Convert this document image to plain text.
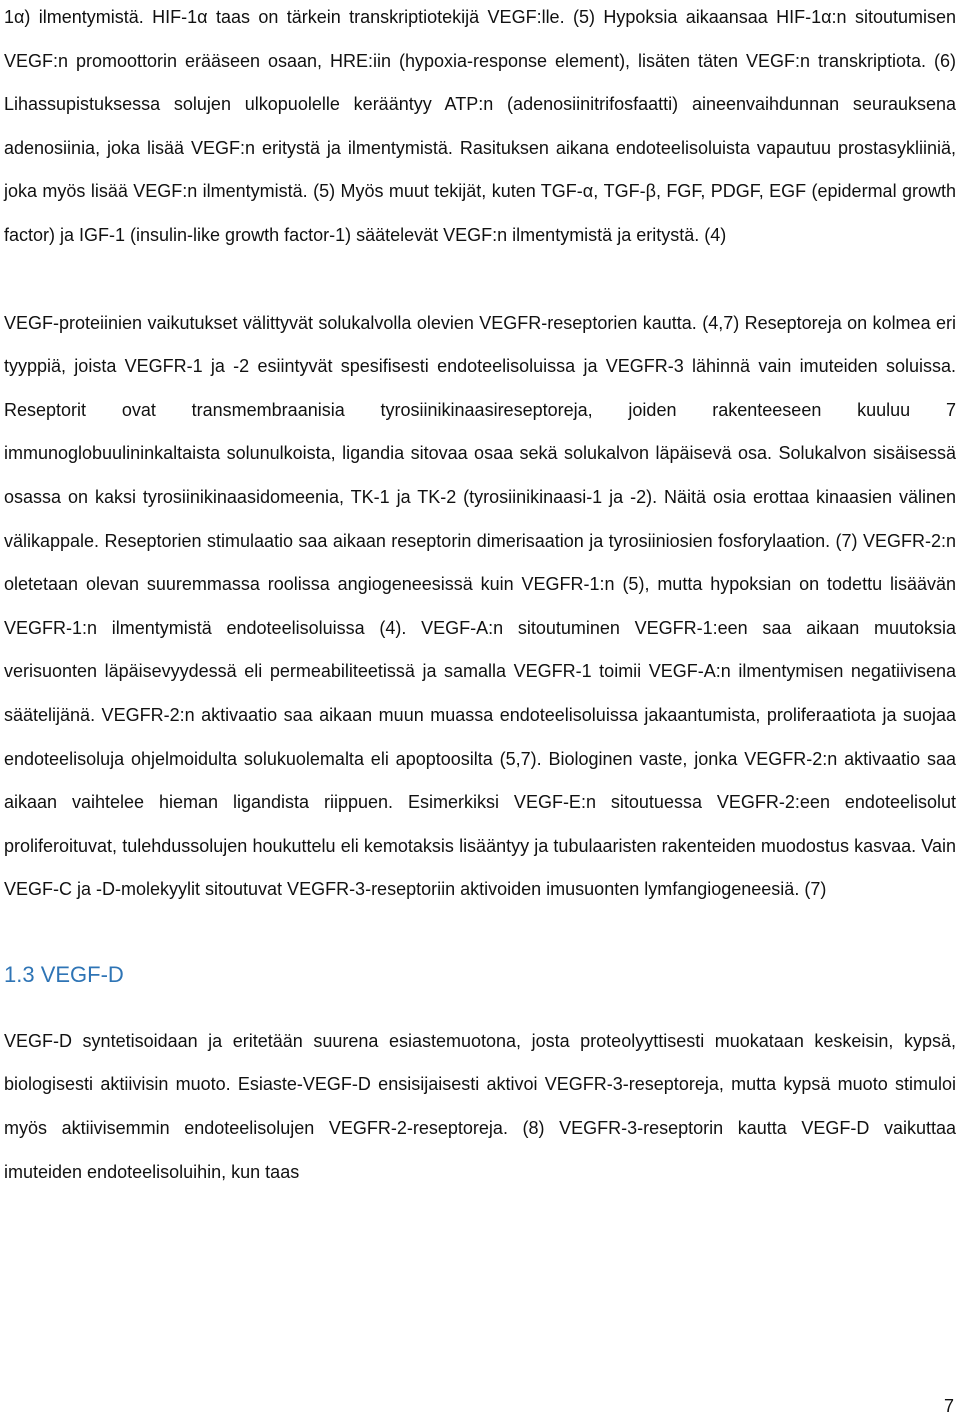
1α) ilmentymistä. HIF-1α taas on tärkein transkriptiotekijä VEGF:lle. (5) Hypoksia aikaansaa HIF-1α:n sitoutumisen VEGF:n promoottorin erääseen osaan, HRE:iin (hypoxia-response element), lisäten täten VEGF:n transkriptiota. (6) Lihassupistuksessa solujen ulkopuolelle kerääntyy ATP:n (adenosiinitrifosfaatti) aineenvaihdunnan seurauksena adenosiinia, joka lisää VEGF:n eritystä ja ilmentymistä. Rasituksen aikana endoteelisoluista vapautuu prostasykliiniä, joka myös lisää VEGF:n ilmentymistä. (5) Myös muut tekijät, kuten TGF-α, TGF-β, FGF, PDGF, EGF (epidermal growth factor) ja IGF-1 (insulin-like growth factor-1) säätelevät VEGF:n ilmentymistä ja eritystä. (4)

VEGF-proteiinien vaikutukset välittyvät solukalvolla olevien VEGFR-reseptorien kautta. (4,7) Reseptoreja on kolmea eri tyyppiä, joista VEGFR-1 ja -2 esiintyvät spesifisesti endoteelisoluissa ja VEGFR-3 lähinnä vain imuteiden soluissa. Reseptorit ovat transmembraanisia tyrosiinikinaasireseptoreja, joiden rakenteeseen kuuluu 7 immunoglobuulininkaltaista solunulkoista, ligandia sitovaa osaa sekä solukalvon läpäisevä osa. Solukalvon sisäisessä osassa on kaksi tyrosiinikinaasidomeenia, TK-1 ja TK-2 (tyrosiinikinaasi-1 ja -2). Näitä osia erottaa kinaasien välinen välikappale. Reseptorien stimulaatio saa aikaan reseptorin dimerisaation ja tyrosiiniosien fosforylaation. (7) VEGFR-2:n oletetaan olevan suuremmassa roolissa angiogeneesissä kuin VEGFR-1:n (5), mutta hypoksian on todettu lisäävän VEGFR-1:n ilmentymistä endoteelisoluissa (4). VEGF-A:n sitoutuminen VEGFR-1:een saa aikaan muutoksia verisuonten läpäisevyydessä eli permeabiliteetissä ja samalla VEGFR-1 toimii VEGF-A:n ilmentymisen negatiivisena säätelijänä. VEGFR-2:n aktivaatio saa aikaan muun muassa endoteelisoluissa jakaantumista, proliferaatiota ja suojaa endoteelisoluja ohjelmoidulta solukuolemalta eli apoptoosilta (5,7). Biologinen vaste, jonka VEGFR-2:n aktivaatio saa aikaan vaihtelee hieman ligandista riippuen. Esimerkiksi VEGF-E:n sitoutuessa VEGFR-2:een endoteelisolut proliferoituvat, tulehdussolujen houkuttelu eli kemotaksis lisääntyy ja tubulaaristen rakenteiden muodostus kasvaa. Vain VEGF-C ja -D-molekyylit sitoutuvat VEGFR-3-reseptoriin aktivoiden imusuonten lymfangiogeneesiä. (7)

1.3 VEGF-D

VEGF-D syntetisoidaan ja eritetään suurena esiastemuotona, josta proteolyyttisesti muokataan keskeisin, kypsä, biologisesti aktiivisin muoto. Esiaste-VEGF-D ensisijaisesti aktivoi VEGFR-3-reseptoreja, mutta kypsä muoto stimuloi myös aktiivisemmin endoteelisolujen VEGFR-2-reseptoreja. (8) VEGFR-3-reseptorin kautta VEGF-D vaikuttaa imuteiden endoteelisoluihin, kun taas

7
